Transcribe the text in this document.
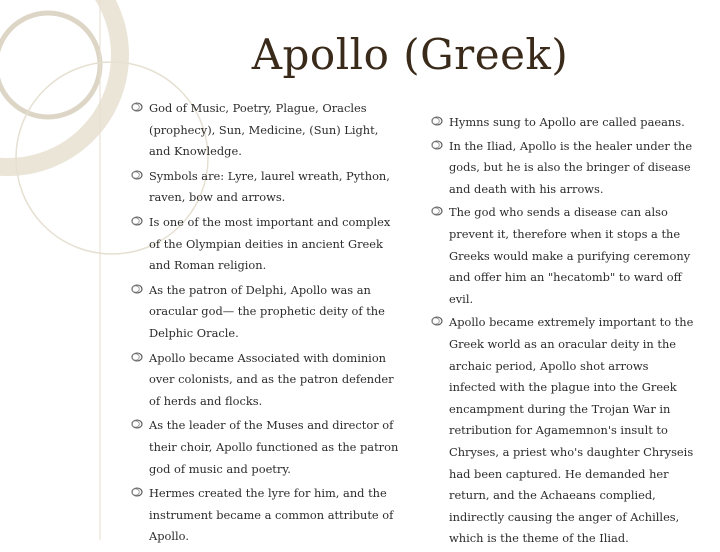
Apollo (Greek)
God of Music, Poetry, Plague, Oracles (prophecy), Sun, Medicine, (Sun) Light, and Knowledge.
Symbols are: Lyre, laurel wreath, Python, raven, bow and arrows.
Is one of the most important and complex of the Olympian deities in ancient Greek and Roman religion.
As the patron of Delphi, Apollo was an oracular god— the prophetic deity of the Delphic Oracle.
Apollo became Associated with dominion over colonists, and as the patron defender of herds and flocks.
As the leader of the Muses and director of their choir, Apollo functioned as the patron god of music and poetry.
Hermes created the lyre for him, and the instrument became a common attribute of Apollo.
Hymns sung to Apollo are called paeans.
In the Iliad, Apollo is the healer under the gods, but he is also the bringer of disease and death with his arrows.
The god who sends a disease can also prevent it, therefore when it stops a the Greeks would make a purifying ceremony and offer him an "hecatomb" to ward off evil.
Apollo became extremely important to the Greek world as an oracular deity in the archaic period, Apollo shot arrows infected with the plague into the Greek encampment during the Trojan War in retribution for Agamemnon's insult to Chryses, a priest who's daughter Chryseis had been captured. He demanded her return, and the Achaeans complied, indirectly causing the anger of Achilles, which is the theme of the Iliad.
